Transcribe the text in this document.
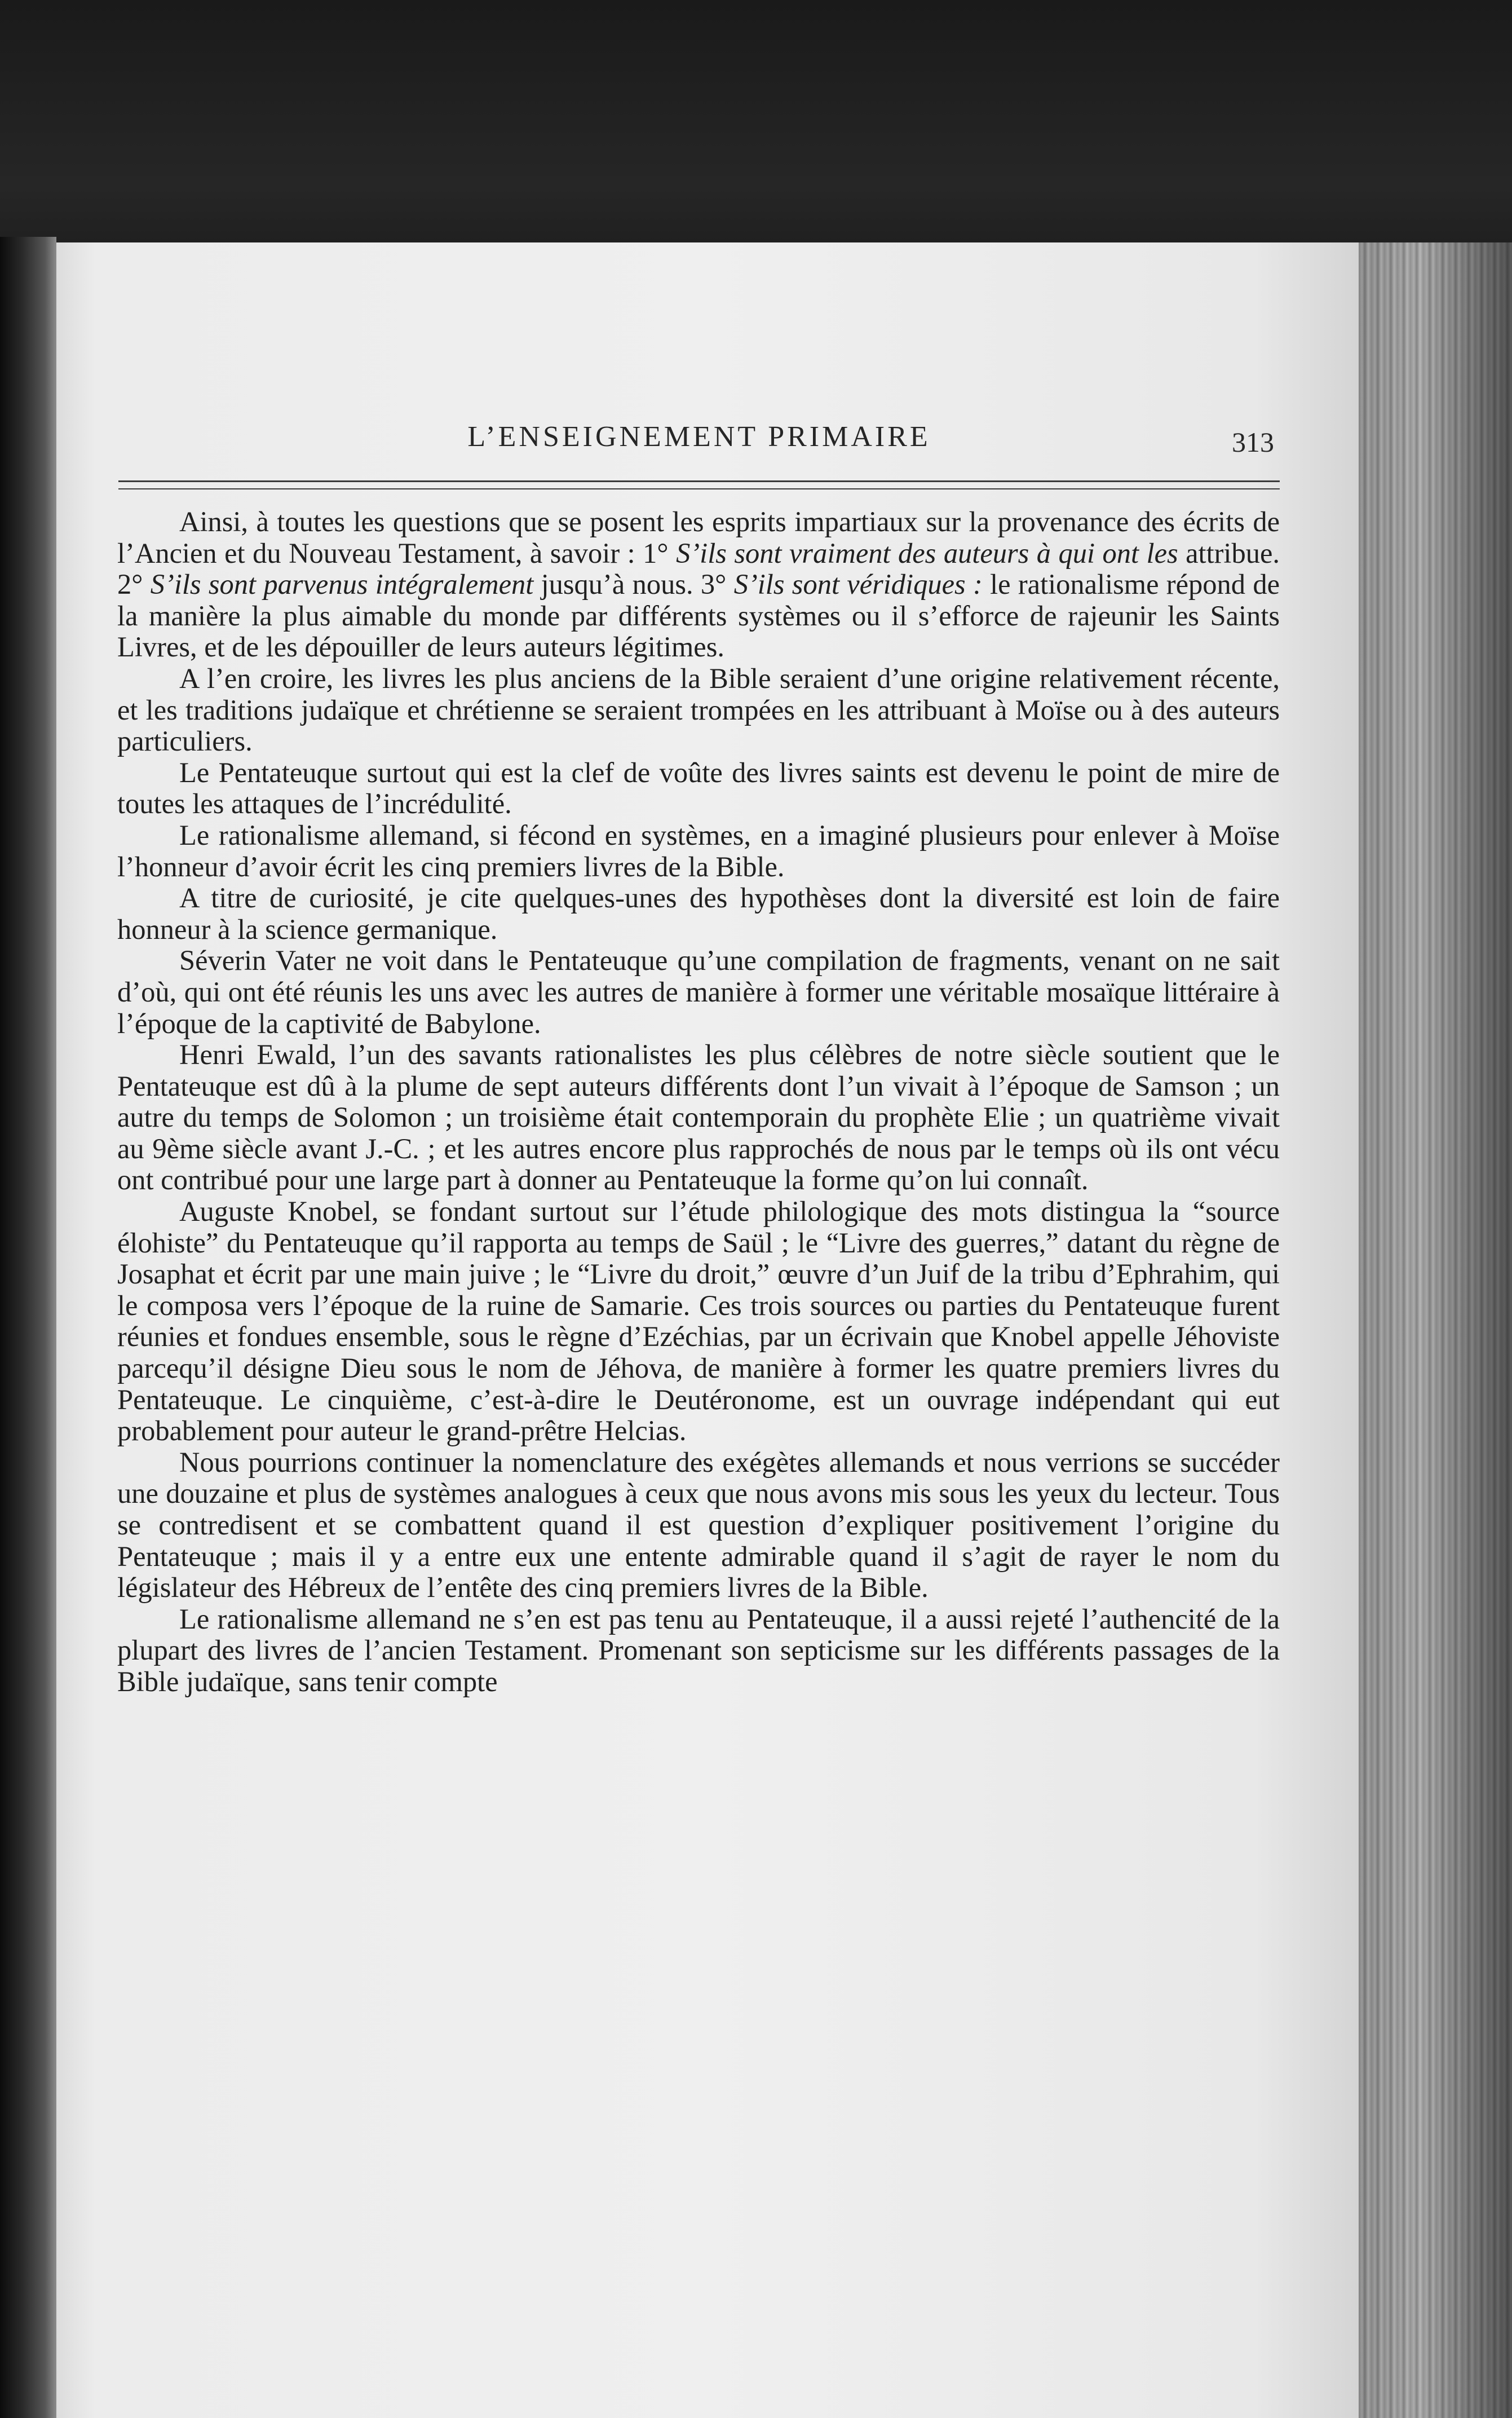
L’ENSEIGNEMENT PRIMAIRE	313

Ainsi, à toutes les questions que se posent les esprits impartiaux sur la provenance des écrits de l’Ancien et du Nouveau Testament, à savoir : 1° S’ils sont vraiment des auteurs à qui ont les attribue. 2° S’ils sont parvenus intégralement jusqu’à nous. 3° S’ils sont véridiques : le rationalisme répond de la manière la plus aimable du monde par différents systèmes ou il s’efforce de rajeunir les Saints Livres, et de les dépouiller de leurs auteurs légitimes.

A l’en croire, les livres les plus anciens de la Bible seraient d’une origine relativement récente, et les traditions judaïque et chrétienne se seraient trompées en les attribuant à Moïse ou à des auteurs particuliers.

Le Pentateuque surtout qui est la clef de voûte des livres saints est devenu le point de mire de toutes les attaques de l’incrédulité.

Le rationalisme allemand, si fécond en systèmes, en a imaginé plusieurs pour enlever à Moïse l’honneur d’avoir écrit les cinq premiers livres de la Bible.

A titre de curiosité, je cite quelques-unes des hypothèses dont la diversité est loin de faire honneur à la science germanique.

Séverin Vater ne voit dans le Pentateuque qu’une compilation de fragments, venant on ne sait d’où, qui ont été réunis les uns avec les autres de manière à former une véritable mosaïque littéraire à l’époque de la captivité de Babylone.

Henri Ewald, l’un des savants rationalistes les plus célèbres de notre siècle soutient que le Pentateuque est dû à la plume de sept auteurs différents dont l’un vivait à l’époque de Samson ; un autre du temps de Solomon ; un troisième était contemporain du prophète Elie ; un quatrième vivait au 9ème siècle avant J.-C. ; et les autres encore plus rapprochés de nous par le temps où ils ont vécu ont contribué pour une large part à donner au Pentateuque la forme qu’on lui connaît.

Auguste Knobel, se fondant surtout sur l’étude philologique des mots distingua la “source élohiste” du Pentateuque qu’il rapporta au temps de Saül ; le “Livre des guerres,” datant du règne de Josaphat et écrit par une main juive ; le “Livre du droit,” œuvre d’un Juif de la tribu d’Ephrahim, qui le composa vers l’époque de la ruine de Samarie. Ces trois sources ou parties du Pentateuque furent réunies et fondues ensemble, sous le règne d’Ezéchias, par un écrivain que Knobel appelle Jéhoviste parcequ’il désigne Dieu sous le nom de Jéhova, de manière à former les quatre premiers livres du Pentateuque. Le cinquième, c’est-à-dire le Deutéronome, est un ouvrage indépendant qui eut probablement pour auteur le grand-prêtre Helcias.

Nous pourrions continuer la nomenclature des exégètes allemands et nous verrions se succéder une douzaine et plus de systèmes analogues à ceux que nous avons mis sous les yeux du lecteur. Tous se contredisent et se combattent quand il est question d’expliquer positivement l’origine du Pentateuque ; mais il y a entre eux une entente admirable quand il s’agit de rayer le nom du législateur des Hébreux de l’entête des cinq premiers livres de la Bible.

Le rationalisme allemand ne s’en est pas tenu au Pentateuque, il a aussi rejeté l’authencité de la plupart des livres de l’ancien Testament. Promenant son septicisme sur les différents passages de la Bible judaïque, sans tenir compte
